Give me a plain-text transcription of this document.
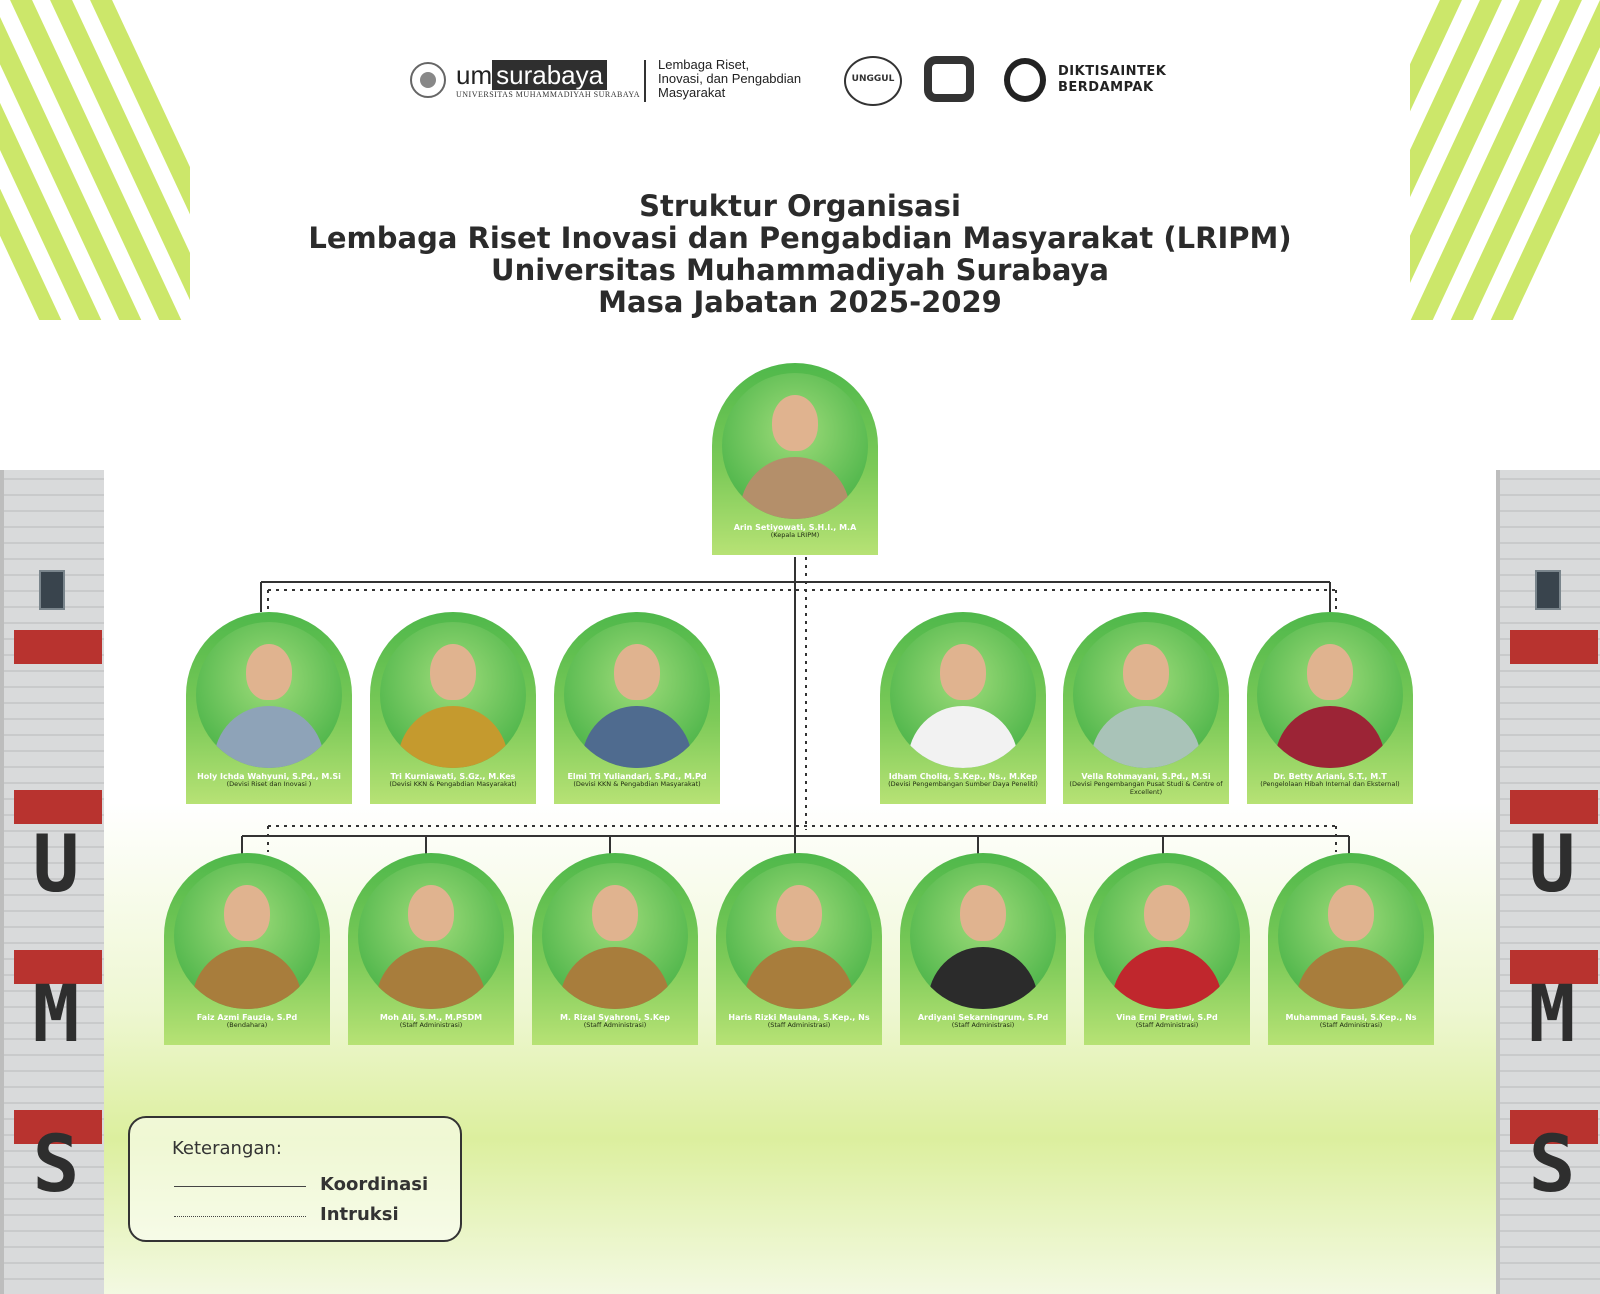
U
M
S
U
M
S
um surabaya
UNIVERSITAS MUHAMMADIYAH SURABAYA
Lembaga Riset,
Inovasi, dan Pengabdian
Masyarakat
UNGGUL	DIKTISAINTEK
BERDAMPAK
Struktur Organisasi
Lembaga Riset Inovasi dan Pengabdian Masyarakat (LRIPM)
Universitas Muhammadiyah Surabaya
Masa Jabatan 2025-2029
Arin Setiyowati, S.H.I., M.A
(Kepala LRIPM)
Holy Ichda Wahyuni, S.Pd., M.Si
(Devisi Riset dan Inovasi )
Tri Kurniawati, S.Gz., M.Kes
(Devisi KKN & Pengabdian Masyarakat)
Elmi Tri Yuliandari, S.Pd., M.Pd
(Devisi KKN & Pengabdian Masyarakat)
Idham Choliq, S.Kep., Ns., M.Kep
(Devisi Pengembangan Sumber Daya Peneliti)
Vella Rohmayani, S.Pd., M.Si
(Devisi Pengembangan Pusat Studi & Centre of Excellent)
Dr. Betty Ariani, S.T., M.T
(Pengelolaan Hibah Internal dan Eksternal)
Faiz Azmi Fauzia, S.Pd
(Bendahara)
Moh Ali, S.M., M.PSDM
(Staff Administrasi)
M. Rizal Syahroni, S.Kep
(Staff Administrasi)
Haris Rizki Maulana, S.Kep., Ns
(Staff Administrasi)
Ardiyani Sekarningrum, S.Pd
(Staff Administrasi)
Vina Erni Pratiwi, S.Pd
(Staff Administrasi)
Muhammad Fausi, S.Kep., Ns
(Staff Administrasi)
Keterangan:
Koordinasi
Intruksi
